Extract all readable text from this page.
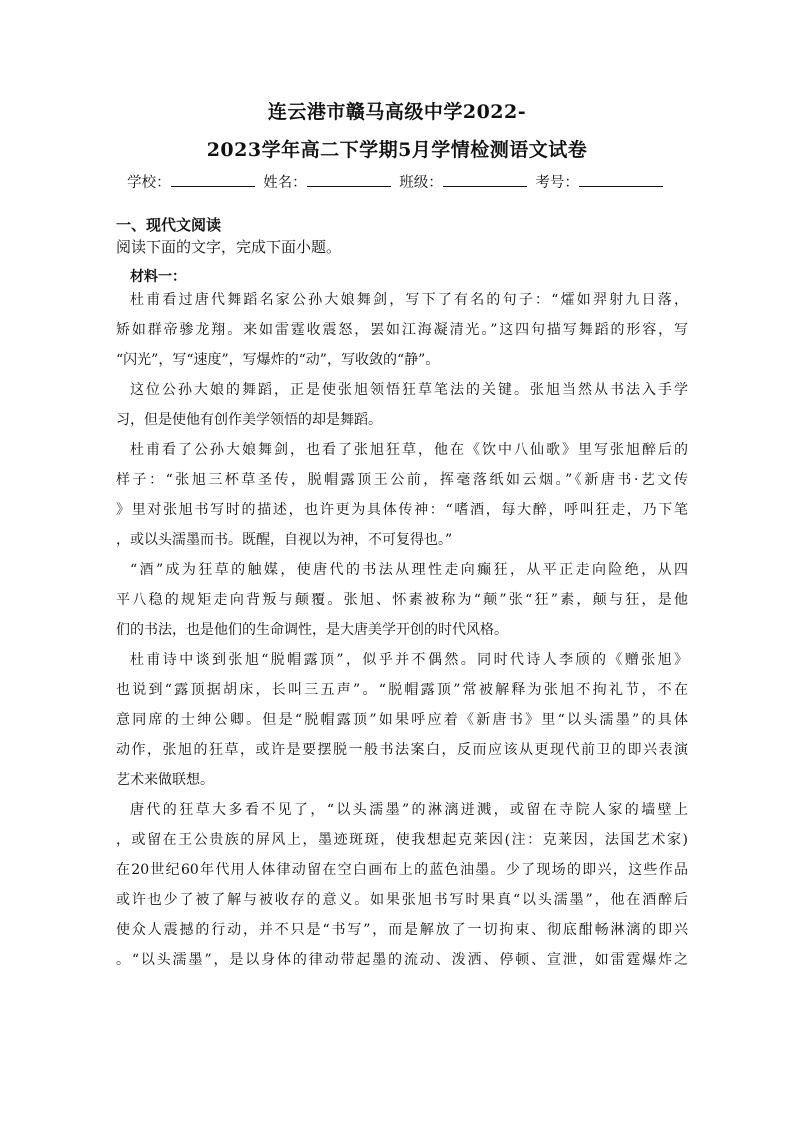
连云港市赣马高级中学2022-
2023学年高二下学期5月学情检测语文试卷
学校：	姓名：	班级：	考号：
一、现代文阅读
阅读下面的文字，完成下面小题。
材料一：
杜甫看过唐代舞蹈名家公孙大娘舞剑，写下了有名的句子：“㸌如羿射九日落，
矫如群帝骖龙翔。来如雷霆收震怒，罢如江海凝清光。”这四句描写舞蹈的形容，写
“闪光”，写“速度”，写爆炸的“动”，写收敛的“静”。
这位公孙大娘的舞蹈，正是使张旭领悟狂草笔法的关键。张旭当然从书法入手学
习，但是使他有创作美学领悟的却是舞蹈。
杜甫看了公孙大娘舞剑，也看了张旭狂草，他在《饮中八仙歌》里写张旭醉后的
样子：“张旭三杯草圣传，脱帽露顶王公前，挥毫落纸如云烟。”《新唐书·艺文传
》里对张旭书写时的描述，也许更为具体传神：“嗜酒，每大醉，呼叫狂走，乃下笔
，或以头濡墨而书。既醒，自视以为神，不可复得也。”
“酒”成为狂草的触媒，使唐代的书法从理性走向癫狂，从平正走向险绝，从四
平八稳的规矩走向背叛与颠覆。张旭、怀素被称为“颠”张“狂”素，颠与狂，是他
们的书法，也是他们的生命调性，是大唐美学开创的时代风格。
杜甫诗中谈到张旭“脱帽露顶”，似乎并不偶然。同时代诗人李颀的《赠张旭》
也说到“露顶据胡床，长叫三五声”。“脱帽露顶”常被解释为张旭不拘礼节，不在
意同席的士绅公卿。但是“脱帽露顶”如果呼应着《新唐书》里“以头濡墨”的具体
动作，张旭的狂草，或许是要摆脱一般书法案白，反而应该从更现代前卫的即兴表演
艺术来做联想。
唐代的狂草大多看不见了，“以头濡墨”的淋漓迸溅，或留在寺院人家的墙壁上
，或留在王公贵族的屏风上，墨迹斑斑，使我想起克莱因(注：克莱因，法国艺术家)
在20世纪60年代用人体律动留在空白画布上的蓝色油墨。少了现场的即兴，这些作品
或许也少了被了解与被收存的意义。如果张旭书写时果真“以头濡墨”，他在酒醉后
使众人震撼的行动，并不只是“书写”，而是解放了一切拘束、彻底酣畅淋漓的即兴
。“以头濡墨”，是以身体的律动带起墨的流动、泼洒、停顿、宣泄，如雷霆爆炸之
